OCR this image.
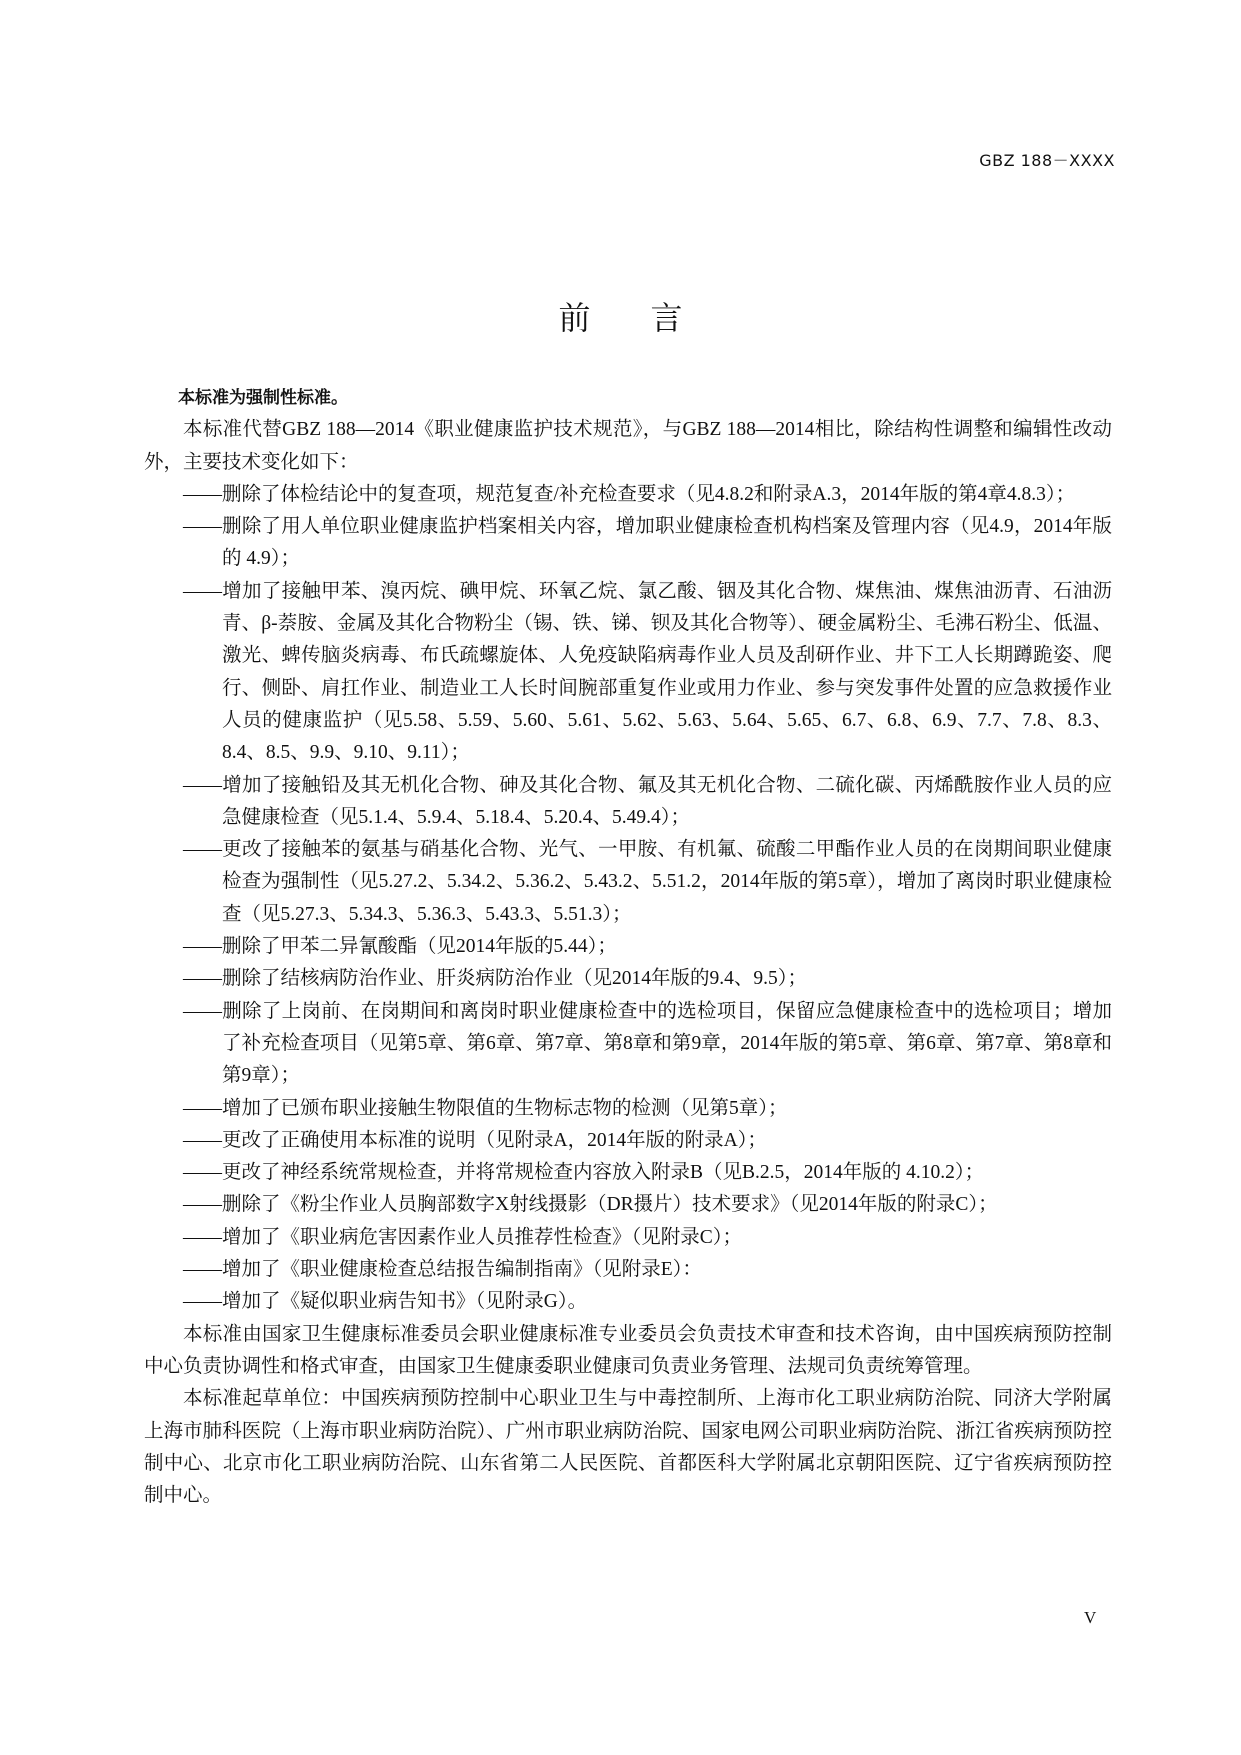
GBZ 188－XXXX
前 言

本标准为强制性标准。

本标准代替GBZ 188—2014《职业健康监护技术规范》，与GBZ 188—2014相比，除结构性调整和编辑性改动外，主要技术变化如下：

——删除了体检结论中的复查项，规范复查/补充检查要求（见4.8.2和附录A.3，2014年版的第4章4.8.3）；

——删除了用人单位职业健康监护档案相关内容，增加职业健康检查机构档案及管理内容（见4.9，2014年版的 4.9）；

——增加了接触甲苯、溴丙烷、碘甲烷、环氧乙烷、氯乙酸、铟及其化合物、煤焦油、煤焦油沥青、石油沥青、β-萘胺、金属及其化合物粉尘（锡、铁、锑、钡及其化合物等）、硬金属粉尘、毛沸石粉尘、低温、激光、蜱传脑炎病毒、布氏疏螺旋体、人免疫缺陷病毒作业人员及刮研作业、井下工人长期蹲跪姿、爬行、侧卧、肩扛作业、制造业工人长时间腕部重复作业或用力作业、参与突发事件处置的应急救援作业人员的健康监护（见5.58、5.59、5.60、5.61、5.62、5.63、5.64、5.65、6.7、6.8、6.9、7.7、7.8、8.3、8.4、8.5、9.9、9.10、9.11）；

——增加了接触铅及其无机化合物、砷及其化合物、氟及其无机化合物、二硫化碳、丙烯酰胺作业人员的应急健康检查（见5.1.4、5.9.4、5.18.4、5.20.4、5.49.4）；

——更改了接触苯的氨基与硝基化合物、光气、一甲胺、有机氟、硫酸二甲酯作业人员的在岗期间职业健康检查为强制性（见5.27.2、5.34.2、5.36.2、5.43.2、5.51.2，2014年版的第5章），增加了离岗时职业健康检查（见5.27.3、5.34.3、5.36.3、5.43.3、5.51.3）；

——删除了甲苯二异氰酸酯（见2014年版的5.44）；

——删除了结核病防治作业、肝炎病防治作业（见2014年版的9.4、9.5）；

——删除了上岗前、在岗期间和离岗时职业健康检查中的选检项目，保留应急健康检查中的选检项目；增加了补充检查项目（见第5章、第6章、第7章、第8章和第9章，2014年版的第5章、第6章、第7章、第8章和第9章）；

——增加了已颁布职业接触生物限值的生物标志物的检测（见第5章）；

——更改了正确使用本标准的说明（见附录A，2014年版的附录A）；

——更改了神经系统常规检查，并将常规检查内容放入附录B（见B.2.5，2014年版的 4.10.2）；

——删除了《粉尘作业人员胸部数字X射线摄影（DR摄片）技术要求》（见2014年版的附录C）；

——增加了《职业病危害因素作业人员推荐性检查》（见附录C）；

——增加了《职业健康检查总结报告编制指南》（见附录E）：

——增加了《疑似职业病告知书》（见附录G）。

本标准由国家卫生健康标准委员会职业健康标准专业委员会负责技术审查和技术咨询，由中国疾病预防控制中心负责协调性和格式审查，由国家卫生健康委职业健康司负责业务管理、法规司负责统筹管理。

本标准起草单位：中国疾病预防控制中心职业卫生与中毒控制所、上海市化工职业病防治院、同济大学附属上海市肺科医院（上海市职业病防治院）、广州市职业病防治院、国家电网公司职业病防治院、浙江省疾病预防控制中心、北京市化工职业病防治院、山东省第二人民医院、首都医科大学附属北京朝阳医院、辽宁省疾病预防控制中心。

V
